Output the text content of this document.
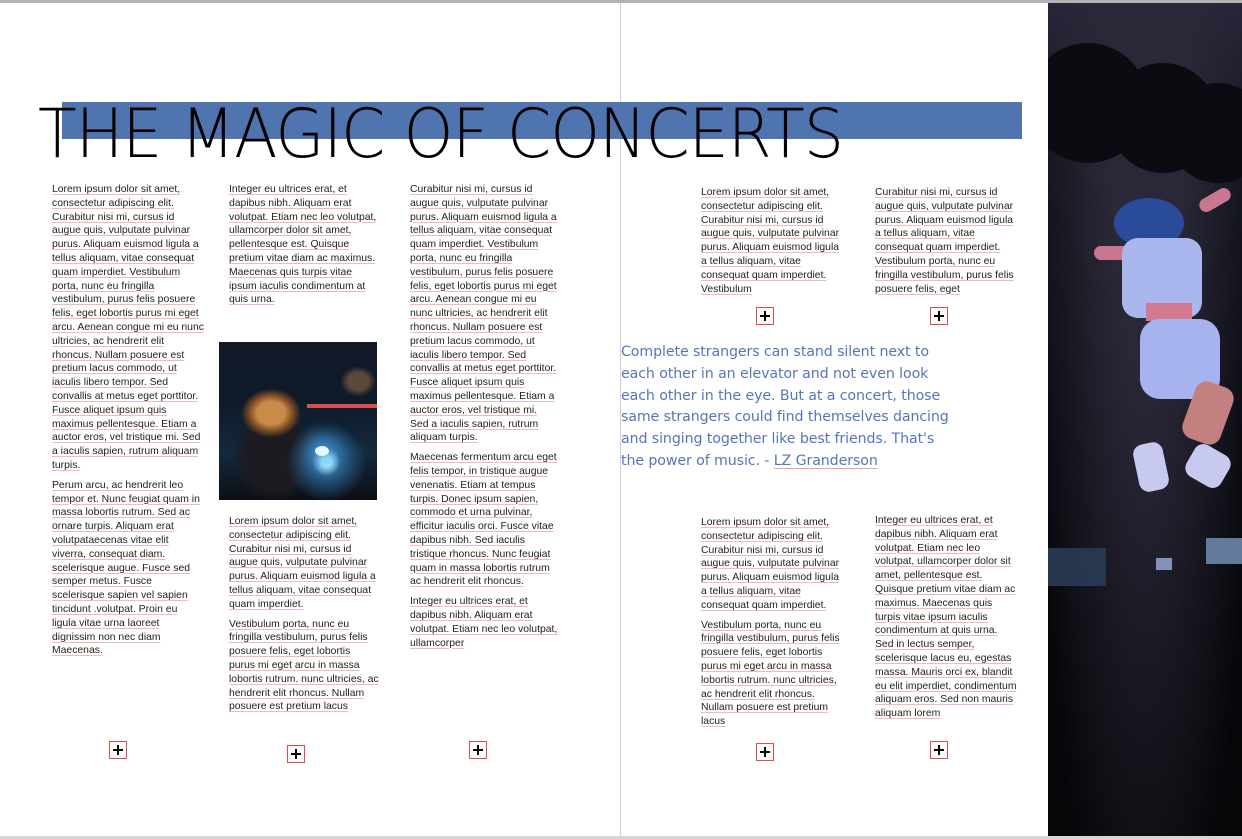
THE MAGIC OF CONCERTS

Lorem ipsum dolor sit amet, consectetur adipiscing elit. Curabitur nisi mi, cursus id augue quis, vulputate pulvinar purus. Aliquam euismod ligula a tellus aliquam, vitae consequat quam imperdiet. Vestibulum porta, nunc eu fringilla vestibulum, purus felis posuere felis, eget lobortis purus mi eget arcu. Aenean congue mi eu nunc ultricies, ac hendrerit elit rhoncus. Nullam posuere est pretium lacus commodo, ut iaculis libero tempor. Sed convallis at metus eget porttitor. Fusce aliquet ipsum quis maximus pellentesque. Etiam a auctor eros, vel tristique mi. Sed a iaculis sapien, rutrum aliquam turpis.

Perum arcu, ac hendrerit leo tempor et. Nunc feugiat quam in massa lobortis rutrum. Sed ac ornare turpis. Aliquam erat volutpataecenas vitae elit viverra, consequat diam. scelerisque augue. Fusce sed semper metus. Fusce scelerisque sapien vel sapien tincidunt .volutpat. Proin eu ligula vitae urna laoreet dignissim non nec diam Maecenas.

Integer eu ultrices erat, et dapibus nibh. Aliquam erat volutpat. Etiam nec leo volutpat, ullamcorper dolor sit amet, pellentesque est. Quisque pretium vitae diam ac maximus. Maecenas quis turpis vitae ipsum iaculis condimentum at quis urna.

Lorem ipsum dolor sit amet, consectetur adipiscing elit. Curabitur nisi mi, cursus id augue quis, vulputate pulvinar purus. Aliquam euismod ligula a tellus aliquam, vitae consequat quam imperdiet.

Vestibulum porta, nunc eu fringilla vestibulum, purus felis posuere felis, eget lobortis purus mi eget arcu in massa lobortis rutrum. nunc ultricies, ac hendrerit elit rhoncus. Nullam posuere est pretium lacus

Curabitur nisi mi, cursus id augue quis, vulputate pulvinar purus. Aliquam euismod ligula a tellus aliquam, vitae consequat quam imperdiet. Vestibulum porta, nunc eu fringilla vestibulum, purus felis posuere felis, eget lobortis purus mi eget arcu. Aenean congue mi eu nunc ultricies, ac hendrerit elit rhoncus. Nullam posuere est pretium lacus commodo, ut iaculis libero tempor. Sed convallis at metus eget porttitor. Fusce aliquet ipsum quis maximus pellentesque. Etiam a auctor eros, vel tristique mi. Sed a iaculis sapien, rutrum aliquam turpis.

Maecenas fermentum arcu eget felis tempor, in tristique augue venenatis. Etiam at tempus turpis. Donec ipsum sapien, commodo et urna pulvinar, efficitur iaculis orci. Fusce vitae dapibus nibh. Sed iaculis tristique rhoncus. Nunc feugiat quam in massa lobortis rutrum ac hendrerit elit rhoncus.

Integer eu ultrices erat, et dapibus nibh. Aliquam erat volutpat. Etiam nec leo volutpat, ullamcorper

Lorem ipsum dolor sit amet, consectetur adipiscing elit. Curabitur nisi mi, cursus id augue quis, vulputate pulvinar purus. Aliquam euismod ligula a tellus aliquam, vitae consequat quam imperdiet. Vestibulum

Curabitur nisi mi, cursus id augue quis, vulputate pulvinar purus. Aliquam euismod ligula a tellus aliquam, vitae consequat quam imperdiet. Vestibulum porta, nunc eu fringilla vestibulum, purus felis posuere felis, eget

Complete strangers can stand silent next to each other in an elevator and not even look each other in the eye. But at a concert, those same strangers could find themselves dancing and singing together like best friends. That's the power of music. - LZ Granderson

Lorem ipsum dolor sit amet, consectetur adipiscing elit. Curabitur nisi mi, cursus id augue quis, vulputate pulvinar purus. Aliquam euismod ligula a tellus aliquam, vitae consequat quam imperdiet.

Vestibulum porta, nunc eu fringilla vestibulum, purus felis posuere felis, eget lobortis purus mi eget arcu in massa lobortis rutrum. nunc ultricies, ac hendrerit elit rhoncus. Nullam posuere est pretium lacus

Integer eu ultrices erat, et dapibus nibh. Aliquam erat volutpat. Etiam nec leo volutpat, ullamcorper dolor sit amet, pellentesque est. Quisque pretium vitae diam ac maximus. Maecenas quis turpis vitae ipsum iaculis condimentum at quis urna. Sed in lectus semper, scelerisque lacus eu, egestas massa. Mauris orci ex, blandit eu elit imperdiet, condimentum aliquam eros. Sed non mauris aliquam lorem
